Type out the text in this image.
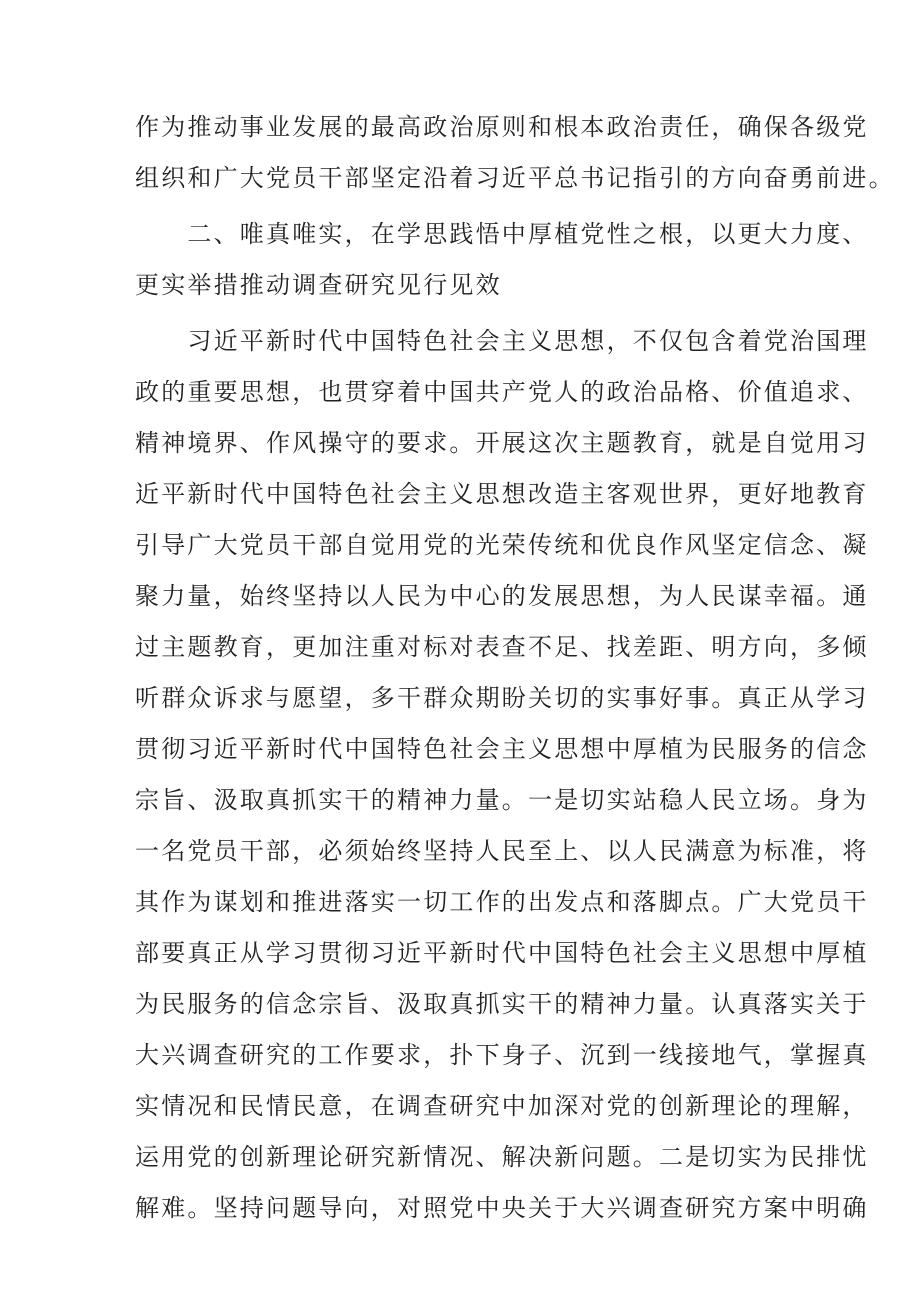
作为推动事业发展的最高政治原则和根本政治责任，确保各级党
组织和广大党员干部坚定沿着习近平总书记指引的方向奋勇前进。
　　二、唯真唯实，在学思践悟中厚植党性之根，以更大力度、
更实举措推动调查研究见行见效
　　习近平新时代中国特色社会主义思想，不仅包含着党治国理
政的重要思想，也贯穿着中国共产党人的政治品格、价值追求、
精神境界、作风操守的要求。开展这次主题教育，就是自觉用习
近平新时代中国特色社会主义思想改造主客观世界，更好地教育
引导广大党员干部自觉用党的光荣传统和优良作风坚定信念、凝
聚力量，始终坚持以人民为中心的发展思想，为人民谋幸福。通
过主题教育，更加注重对标对表查不足、找差距、明方向，多倾
听群众诉求与愿望，多干群众期盼关切的实事好事。真正从学习
贯彻习近平新时代中国特色社会主义思想中厚植为民服务的信念
宗旨、汲取真抓实干的精神力量。一是切实站稳人民立场。身为
一名党员干部，必须始终坚持人民至上、以人民满意为标准，将
其作为谋划和推进落实一切工作的出发点和落脚点。广大党员干
部要真正从学习贯彻习近平新时代中国特色社会主义思想中厚植
为民服务的信念宗旨、汲取真抓实干的精神力量。认真落实关于
大兴调查研究的工作要求，扑下身子、沉到一线接地气，掌握真
实情况和民情民意，在调查研究中加深对党的创新理论的理解，
运用党的创新理论研究新情况、解决新问题。二是切实为民排忧
解难。坚持问题导向，对照党中央关于大兴调查研究方案中明确
